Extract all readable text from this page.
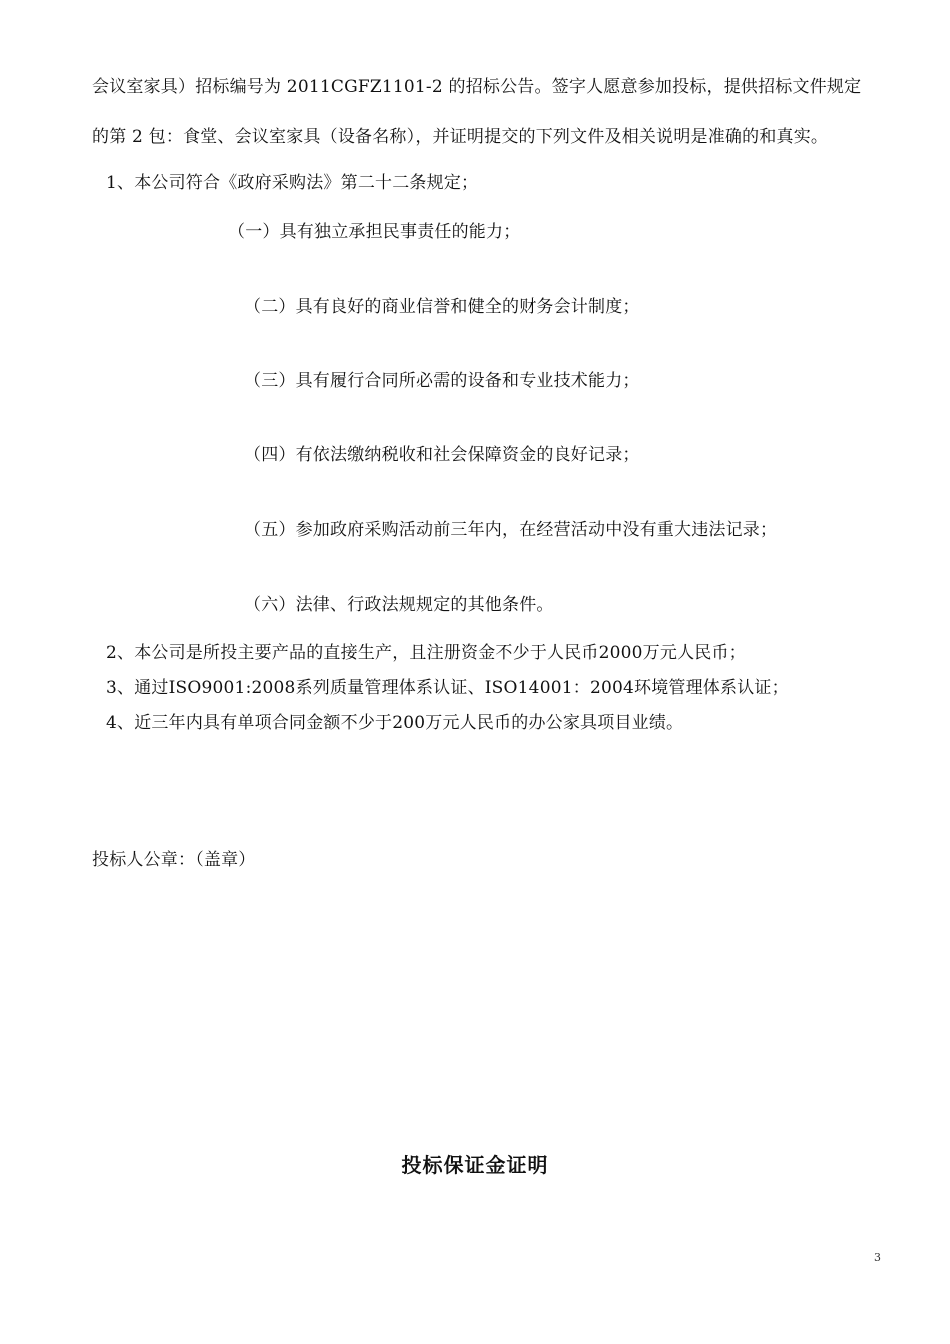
会议室家具）招标编号为 2011CGFZ1101-2 的招标公告。签字人愿意参加投标，提供招标文件规定
的第 2 包：食堂、会议室家具（设备名称），并证明提交的下列文件及相关说明是准确的和真实。
1、本公司符合《政府采购法》第二十二条规定；
（一）具有独立承担民事责任的能力；
（二）具有良好的商业信誉和健全的财务会计制度；
（三）具有履行合同所必需的设备和专业技术能力；
（四）有依法缴纳税收和社会保障资金的良好记录；
（五）参加政府采购活动前三年内，在经营活动中没有重大违法记录；
（六）法律、行政法规规定的其他条件。
2、本公司是所投主要产品的直接生产，且注册资金不少于人民币2000万元人民币；
3、通过ISO9001:2008系列质量管理体系认证、ISO14001：2004环境管理体系认证；
4、近三年内具有单项合同金额不少于200万元人民币的办公家具项目业绩。
投标人公章：（盖章）
投标保证金证明
3
